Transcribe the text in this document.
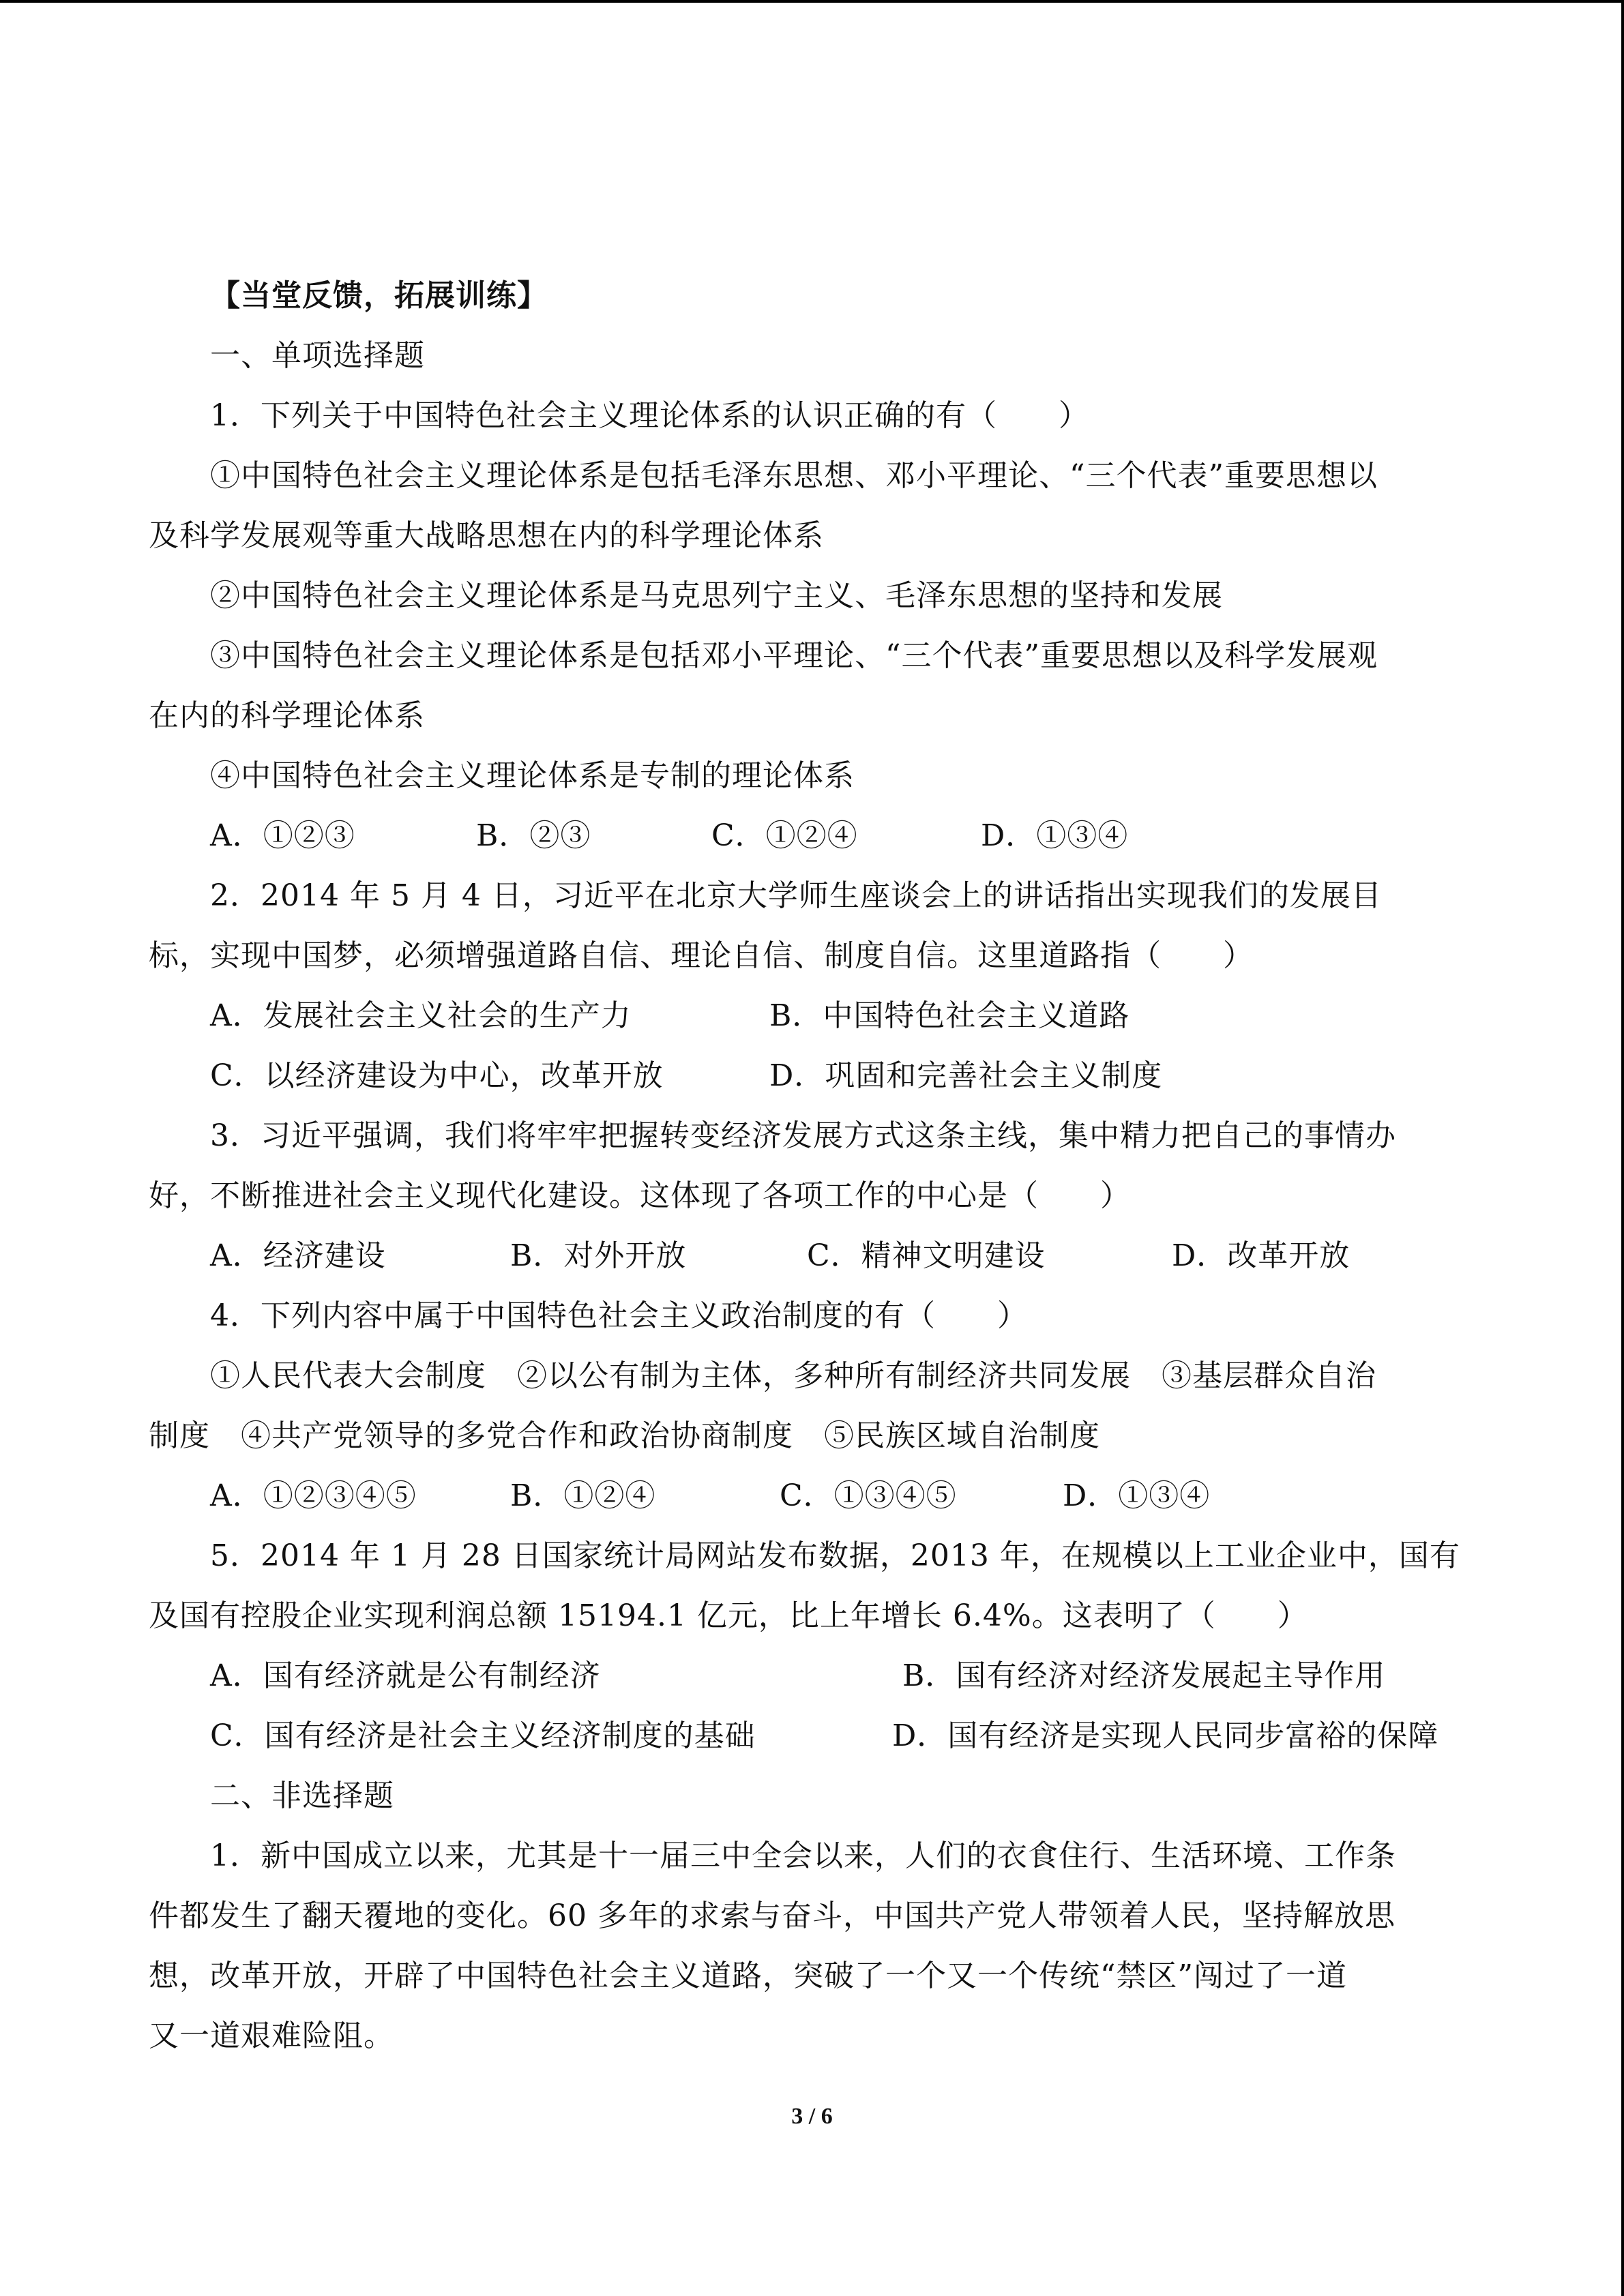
【当堂反馈，拓展训练】
一、单项选择题
1．下列关于中国特色社会主义理论体系的认识正确的有（　　）
①中国特色社会主义理论体系是包括毛泽东思想、邓小平理论、“三个代表”重要思想以
及科学发展观等重大战略思想在内的科学理论体系
②中国特色社会主义理论体系是马克思列宁主义、毛泽东思想的坚持和发展
③中国特色社会主义理论体系是包括邓小平理论、“三个代表”重要思想以及科学发展观
在内的科学理论体系
④中国特色社会主义理论体系是专制的理论体系
A．①②③	B．②③	C．①②④	D．①③④
2．2014 年 5 月 4 日，习近平在北京大学师生座谈会上的讲话指出实现我们的发展目
标，实现中国梦，必须增强道路自信、理论自信、制度自信。这里道路指（　　）
A．发展社会主义社会的生产力	B．中国特色社会主义道路
C．以经济建设为中心，改革开放	D．巩固和完善社会主义制度
3．习近平强调，我们将牢牢把握转变经济发展方式这条主线，集中精力把自己的事情办
好，不断推进社会主义现代化建设。这体现了各项工作的中心是（　　）
A．经济建设	B．对外开放	C．精神文明建设	D．改革开放
4．下列内容中属于中国特色社会主义政治制度的有（　　）
①人民代表大会制度　②以公有制为主体，多种所有制经济共同发展　③基层群众自治
制度　④共产党领导的多党合作和政治协商制度　⑤民族区域自治制度
A．①②③④⑤	B．①②④	C．①③④⑤	D．①③④
5．2014 年 1 月 28 日国家统计局网站发布数据，2013 年，在规模以上工业企业中，国有
及国有控股企业实现利润总额 15194.1 亿元，比上年增长 6.4%。这表明了（　　）
A．国有经济就是公有制经济	B．国有经济对经济发展起主导作用
C．国有经济是社会主义经济制度的基础	D．国有经济是实现人民同步富裕的保障
二、非选择题
1．新中国成立以来，尤其是十一届三中全会以来，人们的衣食住行、生活环境、工作条
件都发生了翻天覆地的变化。60 多年的求索与奋斗，中国共产党人带领着人民，坚持解放思
想，改革开放，开辟了中国特色社会主义道路，突破了一个又一个传统“禁区”闯过了一道
又一道艰难险阻。
3 / 6
